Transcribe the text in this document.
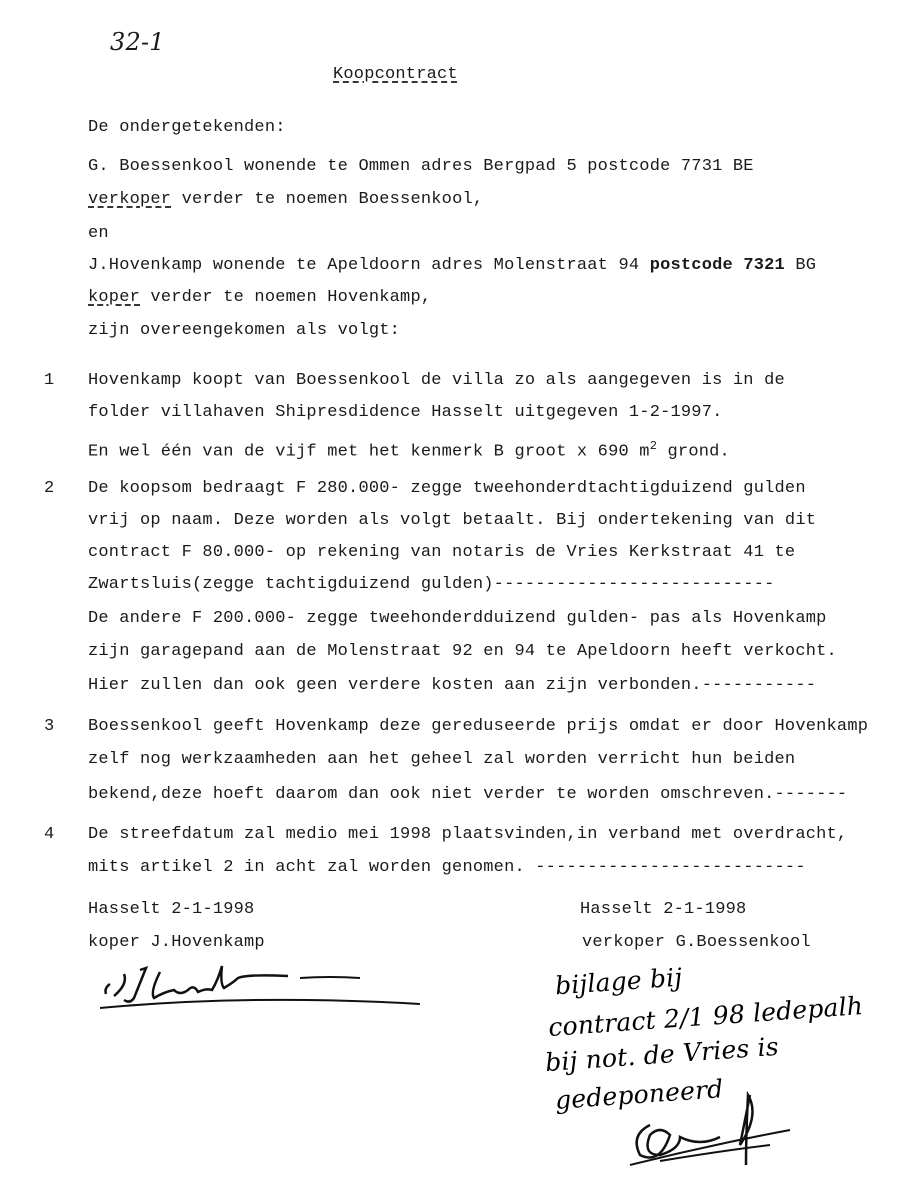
32-1
Koopcontract
De ondergetekenden:
G. Boessenkool wonende te Ommen adres Bergpad 5 postcode 7731 BE
verkoper verder te noemen Boessenkool,
en
J.Hovenkamp wonende te Apeldoorn adres Molenstraat 94 postcode 7321 BG
koper verder te noemen Hovenkamp,
zijn overeengekomen als volgt:
1 Hovenkamp koopt van Boessenkool de villa zo als aangegeven is in de
folder villahaven Shipresdidence Hasselt uitgegeven 1-2-1997.
En wel één van de vijf met het kenmerk B groot x 690 $m^2$ grond.
2 De koopsom bedraagt F 280.000- zegge tweehonderdtachtigduizend gulden
vrij op naam. Deze worden als volgt betaalt. Bij ondertekening van dit
contract F 80.000- op rekening van notaris de Vries Kerkstraat 41 te
Zwartsluis(zegge tachtigduizend gulden)---------------------------
De andere F 200.000- zegge tweehonderdduizend gulden- pas als Hovenkamp
zijn garagepand aan de Molenstraat 92 en 94 te Apeldoorn heeft verkocht.
Hier zullen dan ook geen verdere kosten aan zijn verbonden.-----------
3 Boessenkool geeft Hovenkamp deze gereduseerde prijs omdat er door Hovenkamp
zelf nog werkzaamheden aan het geheel zal worden verricht hun beiden
bekend,deze hoeft daarom dan ook niet verder te worden omschreven.-------
4 De streefdatum zal medio mei 1998 plaatsvinden,in verband met overdracht,
mits artikel 2 in acht zal worden genomen. --------------------------
Hasselt 2-1-1998
koper J.Hovenkamp
Hasselt 2-1-1998
verkoper G.Boessenkool
bijlage bij
contract 2/1 98 ledepalh
bij not. de Vries is
gedeponeerd
